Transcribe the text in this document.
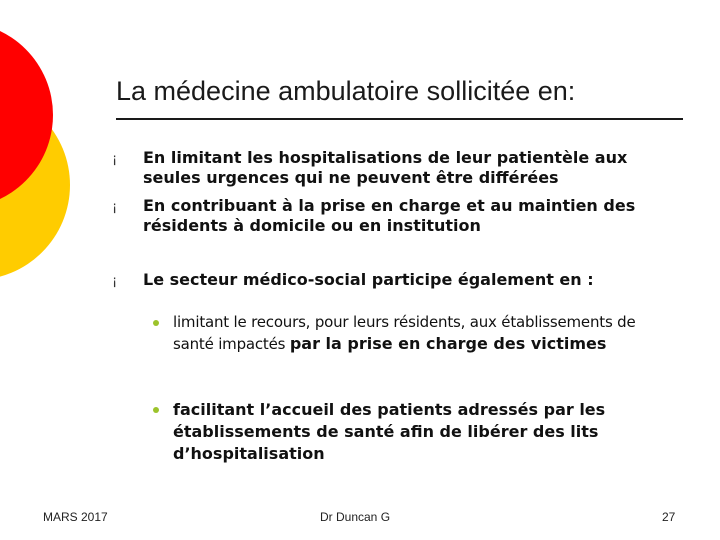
La médecine ambulatoire sollicitée en:
¡ En limitant les hospitalisations de leur patientèle aux seules urgences qui ne peuvent être différées
¡ En contribuant à la prise en charge et au maintien des résidents à domicile ou en institution
¡ Le secteur médico-social participe également en :
limitant le recours, pour leurs résidents, aux établissements de santé impactés par la prise en charge des victimes
facilitant l’accueil des patients adressés par les établissements de santé afin de libérer des lits d’hospitalisation
MARS 2017	Dr Duncan G	27
